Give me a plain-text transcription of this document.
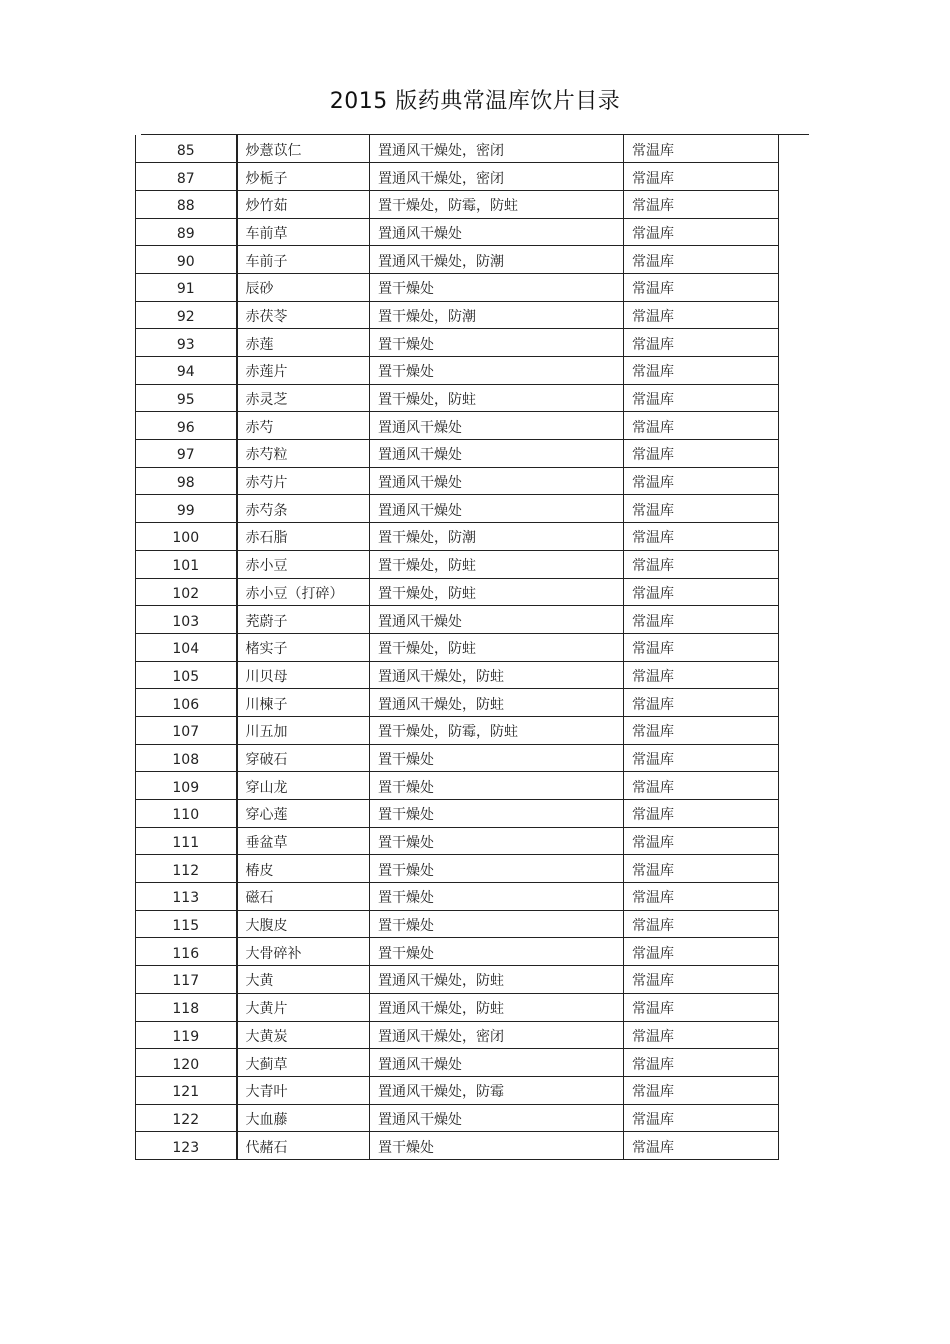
2015 版药典常温库饮片目录
85	炒薏苡仁	置通风干燥处，密闭	常温库
87	炒栀子	置通风干燥处，密闭	常温库
88	炒竹茹	置干燥处，防霉，防蛀	常温库
89	车前草	置通风干燥处	常温库
90	车前子	置通风干燥处，防潮	常温库
91	辰砂	置干燥处	常温库
92	赤茯苓	置干燥处，防潮	常温库
93	赤莲	置干燥处	常温库
94	赤莲片	置干燥处	常温库
95	赤灵芝	置干燥处，防蛀	常温库
96	赤芍	置通风干燥处	常温库
97	赤芍粒	置通风干燥处	常温库
98	赤芍片	置通风干燥处	常温库
99	赤芍条	置通风干燥处	常温库
100	赤石脂	置干燥处，防潮	常温库
101	赤小豆	置干燥处，防蛀	常温库
102	赤小豆（打碎）	置干燥处，防蛀	常温库
103	茺蔚子	置通风干燥处	常温库
104	楮实子	置干燥处，防蛀	常温库
105	川贝母	置通风干燥处，防蛀	常温库
106	川楝子	置通风干燥处，防蛀	常温库
107	川五加	置干燥处，防霉，防蛀	常温库
108	穿破石	置干燥处	常温库
109	穿山龙	置干燥处	常温库
110	穿心莲	置干燥处	常温库
111	垂盆草	置干燥处	常温库
112	椿皮	置干燥处	常温库
113	磁石	置干燥处	常温库
115	大腹皮	置干燥处	常温库
116	大骨碎补	置干燥处	常温库
117	大黄	置通风干燥处，防蛀	常温库
118	大黄片	置通风干燥处，防蛀	常温库
119	大黄炭	置通风干燥处，密闭	常温库
120	大蓟草	置通风干燥处	常温库
121	大青叶	置通风干燥处，防霉	常温库
122	大血藤	置通风干燥处	常温库
123	代赭石	置干燥处	常温库
